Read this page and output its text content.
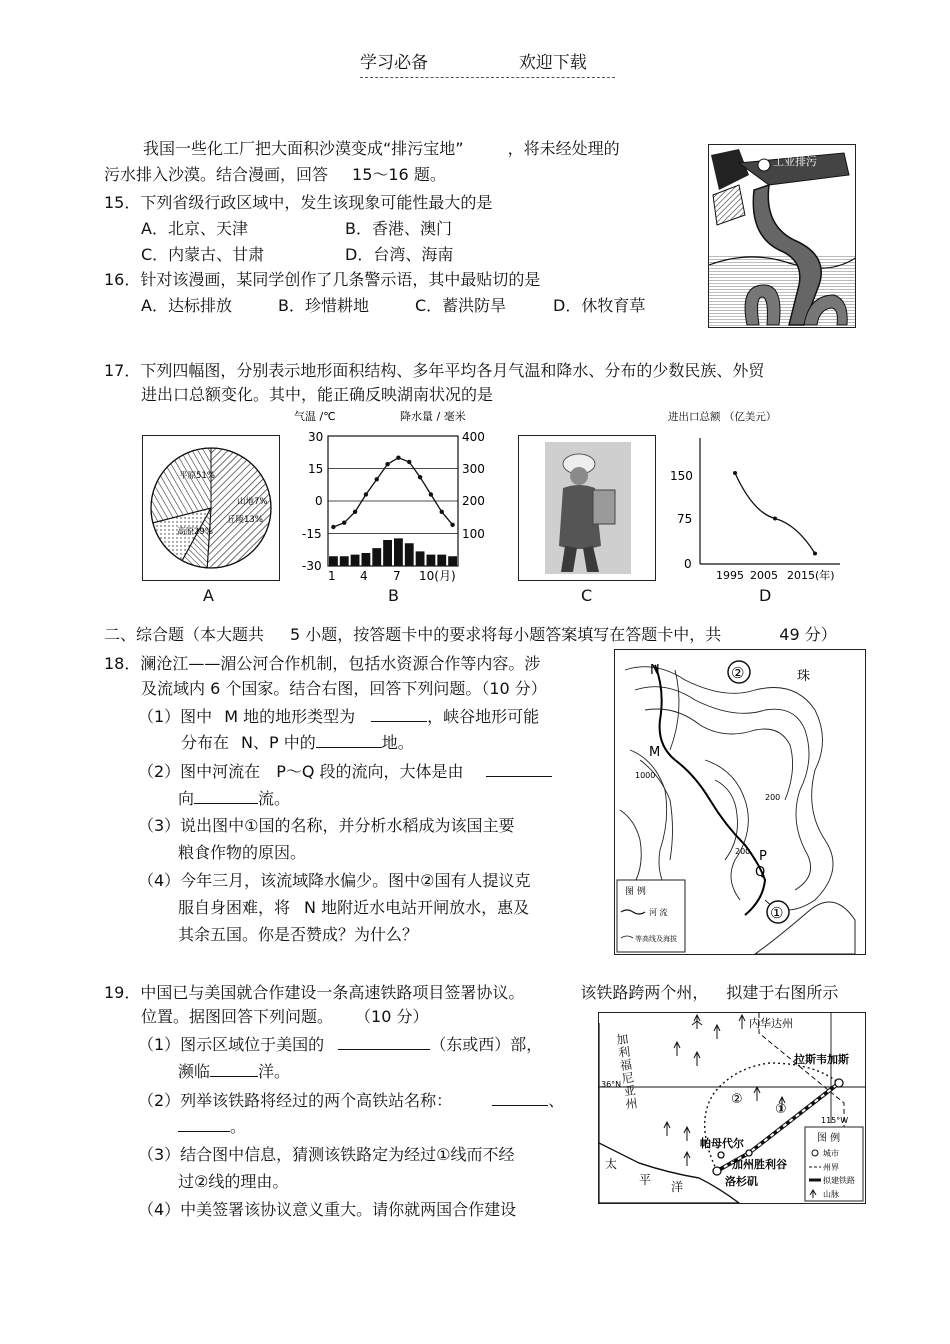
学习必备	欢迎下载
我国一些化工厂把大面积沙漠变成“排污宝地”	，将未经处理的
污水排入沙漠。结合漫画，回答 15～16 题。
15．下列省级行政区域中，发生该现象可能性最大的是
A．北京、天津	B．香港、澳门
C．内蒙古、甘肃	D．台湾、海南
16．针对该漫画，某同学创作了几条警示语，其中最贴切的是
A．达标排放	B．珍惜耕地	C．蓄洪防旱	D．休牧育草
工业排污
17．下列四幅图，分别表示地形面积结构、多年平均各月气温和降水、分布的少数民族、外贸
进出口总额变化。其中，能正确反映湖南状况的是
平原51%
山地7%
丘陵13%
高原29%
气温 /℃	降水量 / 毫米
30
15
0
-15
-30
400
300
200
100
1 4 7 10(月)
进出口总额 （亿美元）
150
75
0
1995 2005 2015(年)
A	B	C	D
二、综合题（本大题共 5 小题，按答题卡中的要求将每小题答案填写在答题卡中，共	49 分）
18．澜沧江——湄公河合作机制，包括水资源合作等内容。涉
及流域内 6 个国家。结合右图，回答下列问题。（10 分）
（1）图中 M 地的地形类型为	，峡谷地形可能
分布在 N、P 中的	地。
（2）图中河流在 P～Q 段的流向，大体是由
向	流。
（3）说出图中①国的名称，并分析水稻成为该国主要
粮食作物的原因。
（4）今年三月，该流域降水偏少。图中②国有人提议克
服自身困难，将 N 地附近水电站开闸放水，惠及
其余五国。你是否赞成？为什么？
N
M
P
Q
①
②	珠
1000
200
200
图 例
河 流
等高线及海拔
19．中国已与美国就合作建设一条高速铁路项目签署协议。	该铁路跨两个州， 拟建于右图所示
位置。据图回答下列问题。 （10 分）
（1）图示区域位于美国的	（东或西）部，
濒临	洋。
（2）列举该铁路将经过的两个高铁站名称：	、
。
（3）结合图中信息，猜测该铁路定为经过①线而不经
过②线的理由。
（4）中美签署该协议意义重大。请你就两国合作建设
内华达州
拉斯韦加斯
36°N
115°W
帕母代尔
加州胜利谷
洛杉矶
太
平 洋
②
①
图 例
城市
州界
拟建铁路
山脉
加利福尼亚州
